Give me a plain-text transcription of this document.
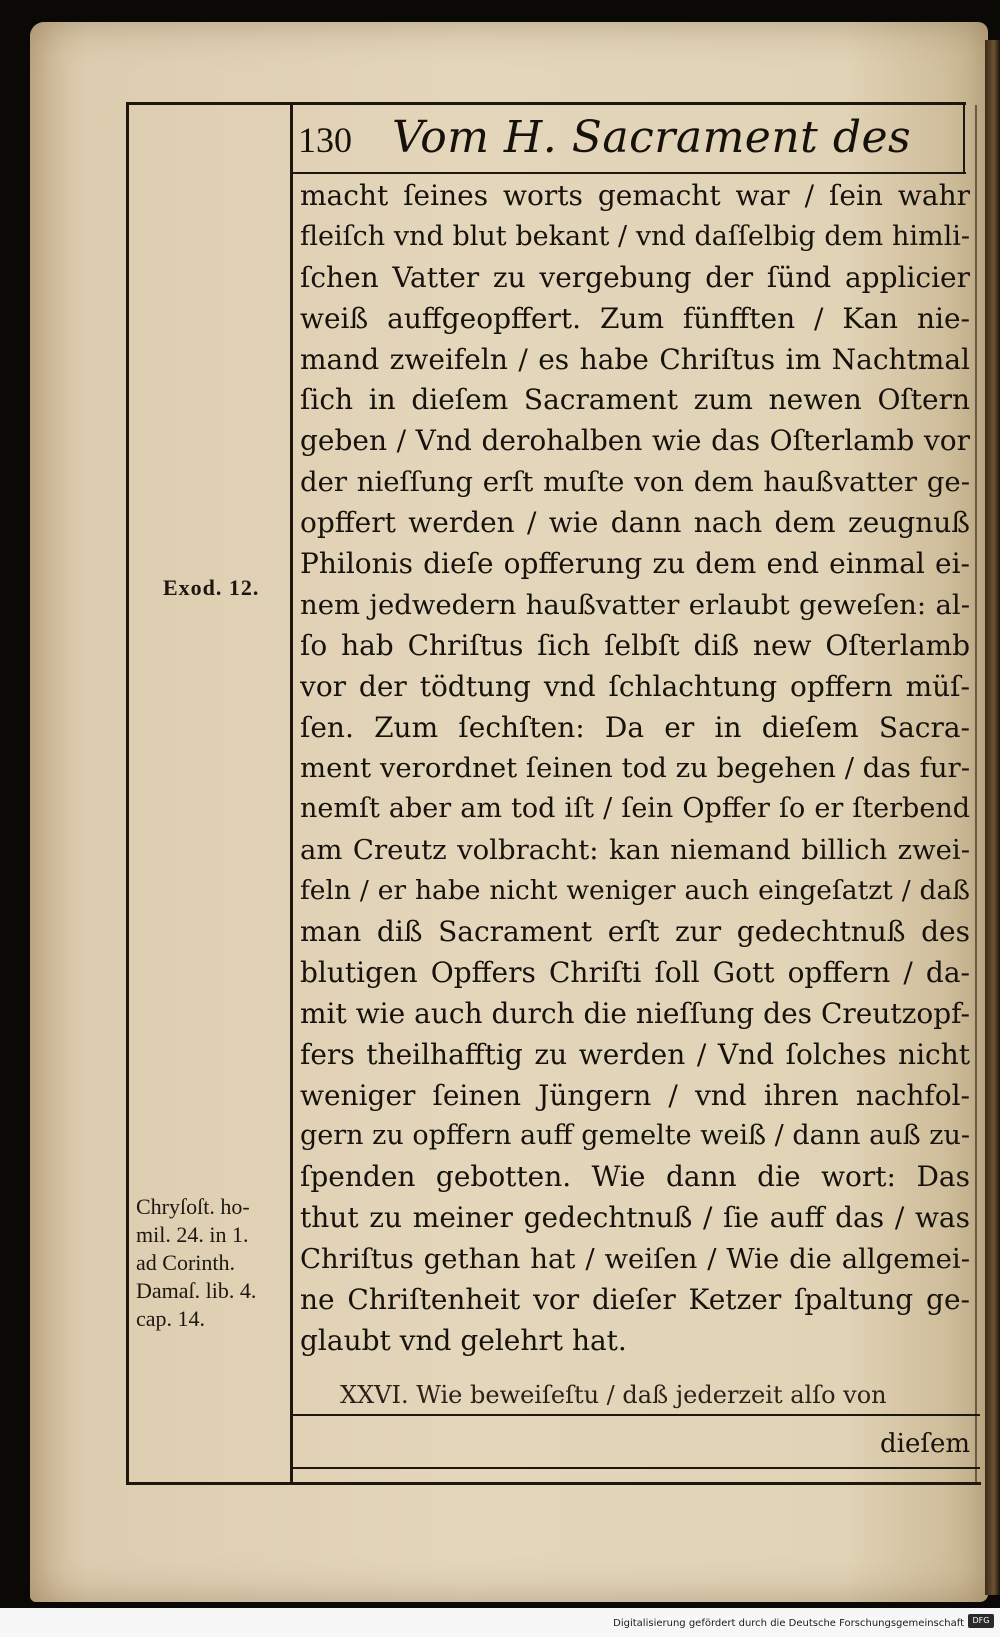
130 Vom H. Sacrament des
Exod. 12.
Chryſoſt. ho-
mil. 24. in 1.
ad Corinth.
Damaſ. lib. 4.
cap. 14.
macht ſeines worts gemacht war / ſein wahr
fleiſch vnd blut bekant / vnd daſſelbig dem himli-
ſchen Vatter zu vergebung der ſünd applicier
weiß auffgeopffert. Zum fünfften / Kan nie-
mand zweifeln / es habe Chriſtus im Nachtmal
ſich in dieſem Sacrament zum newen Oſtern
geben / Vnd derohalben wie das Oſterlamb vor
der nieſſung erſt muſte von dem haußvatter ge-
opffert werden / wie dann nach dem zeugnuß
Philonis dieſe opfferung zu dem end einmal ei-
nem jedwedern haußvatter erlaubt geweſen: al-
ſo hab Chriſtus ſich ſelbſt diß new Oſterlamb
vor der tödtung vnd ſchlachtung opffern müſ-
ſen. Zum ſechſten: Da er in dieſem Sacra-
ment verordnet ſeinen tod zu begehen / das fur-
nemſt aber am tod iſt / ſein Opffer ſo er ſterbend
am Creutz volbracht: kan niemand billich zwei-
feln / er habe nicht weniger auch eingeſatzt / daß
man diß Sacrament erſt zur gedechtnuß des
blutigen Opffers Chriſti ſoll Gott opffern / da-
mit wie auch durch die nieſſung des Creutzopf-
fers theilhafftig zu werden / Vnd ſolches nicht
weniger ſeinen Jüngern / vnd ihren nachfol-
gern zu opffern auff gemelte weiß / dann auß zu-
ſpenden gebotten. Wie dann die wort: Das
thut zu meiner gedechtnuß / ſie auff das / was
Chriſtus gethan hat / weiſen / Wie die allgemei-
ne Chriſtenheit vor dieſer Ketzer ſpaltung ge-
glaubt vnd gelehrt hat.
XXVI. Wie beweiſeſtu / daß jederzeit alſo von
dieſem
Digitalisierung gefördert durch die Deutsche Forschungsgemeinschaft	DFG
